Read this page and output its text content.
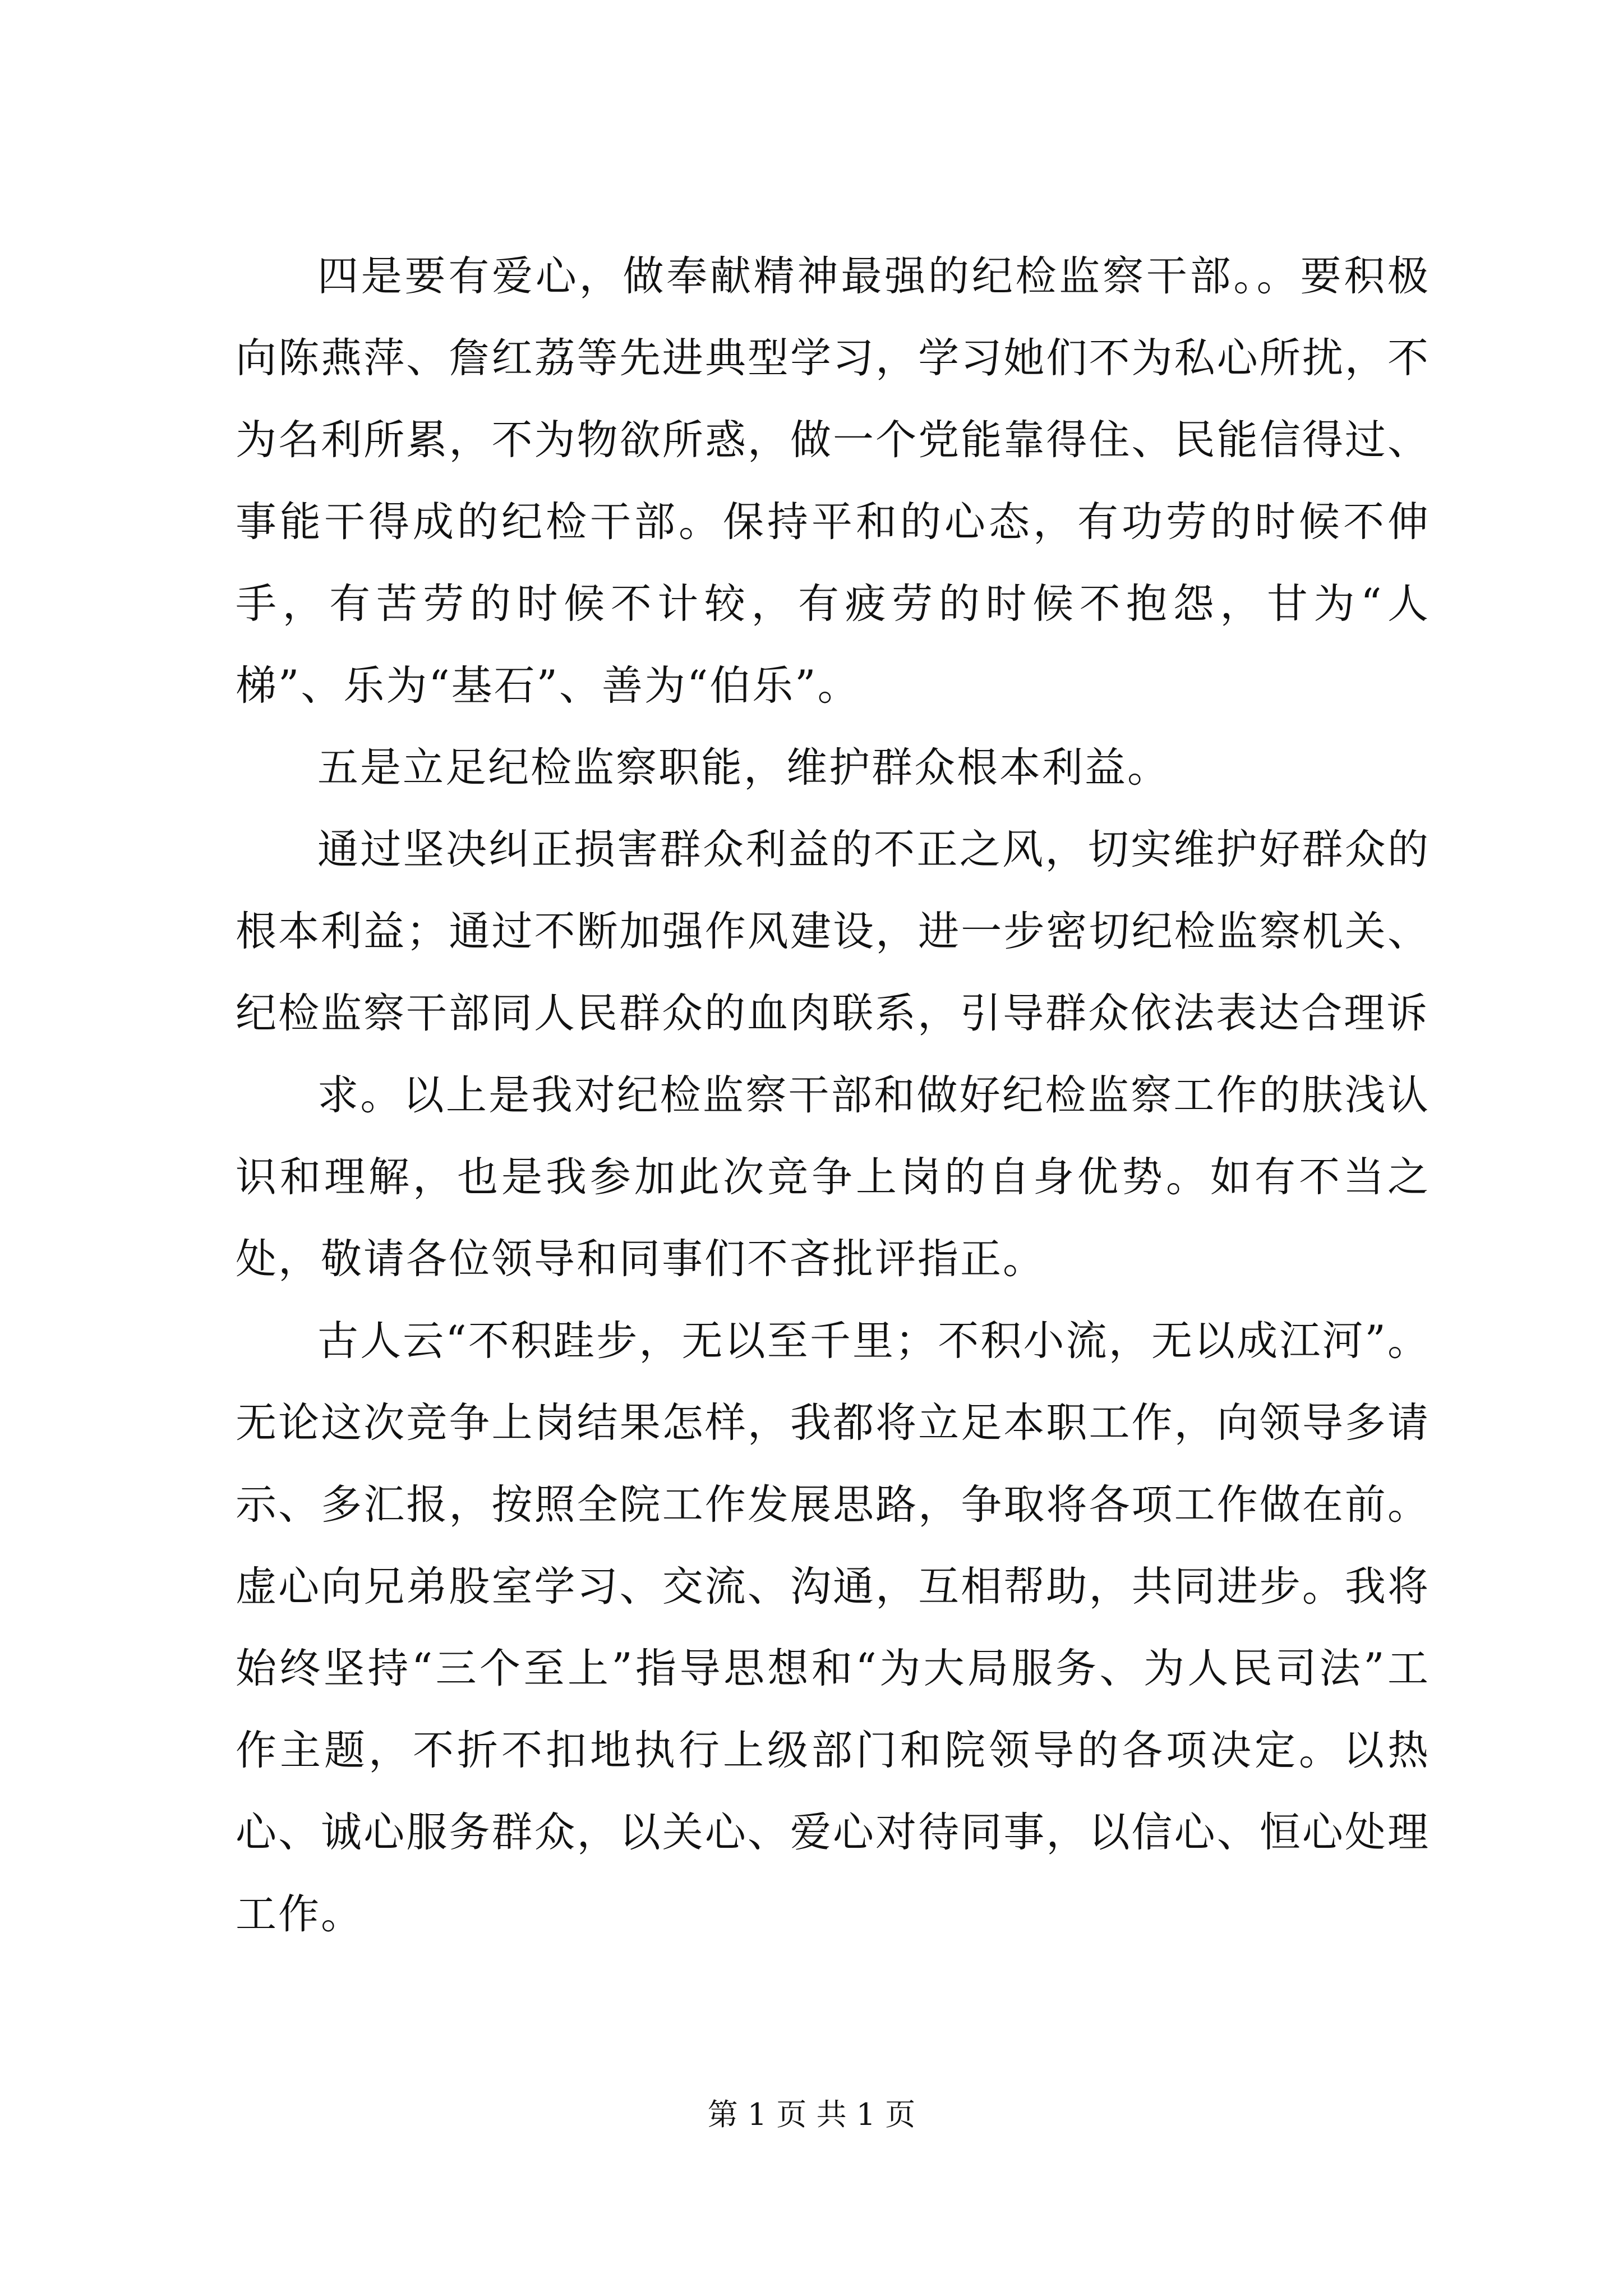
四是要有爱心，做奉献精神最强的纪检监察干部。。要积极向陈燕萍、詹红荔等先进典型学习，学习她们不为私心所扰，不为名利所累，不为物欲所惑，做一个党能靠得住、民能信得过、事能干得成的纪检干部。保持平和的心态，有功劳的时候不伸手，有苦劳的时候不计较，有疲劳的时候不抱怨，甘为“人梯”、乐为“基石”、善为“伯乐”。

五是立足纪检监察职能，维护群众根本利益。

通过坚决纠正损害群众利益的不正之风，切实维护好群众的根本利益；通过不断加强作风建设，进一步密切纪检监察机关、纪检监察干部同人民群众的血肉联系，引导群众依法表达合理诉

求。以上是我对纪检监察干部和做好纪检监察工作的肤浅认识和理解，也是我参加此次竞争上岗的自身优势。如有不当之处，敬请各位领导和同事们不吝批评指正。

古人云“不积跬步，无以至千里；不积小流，无以成江河”。无论这次竞争上岗结果怎样，我都将立足本职工作，向领导多请示、多汇报，按照全院工作发展思路，争取将各项工作做在前。虚心向兄弟股室学习、交流、沟通，互相帮助，共同进步。我将始终坚持“三个至上”指导思想和“为大局服务、为人民司法”工作主题，不折不扣地执行上级部门和院领导的各项决定。以热心、诚心服务群众，以关心、爱心对待同事，以信心、恒心处理工作。

第 1 页 共 1 页
